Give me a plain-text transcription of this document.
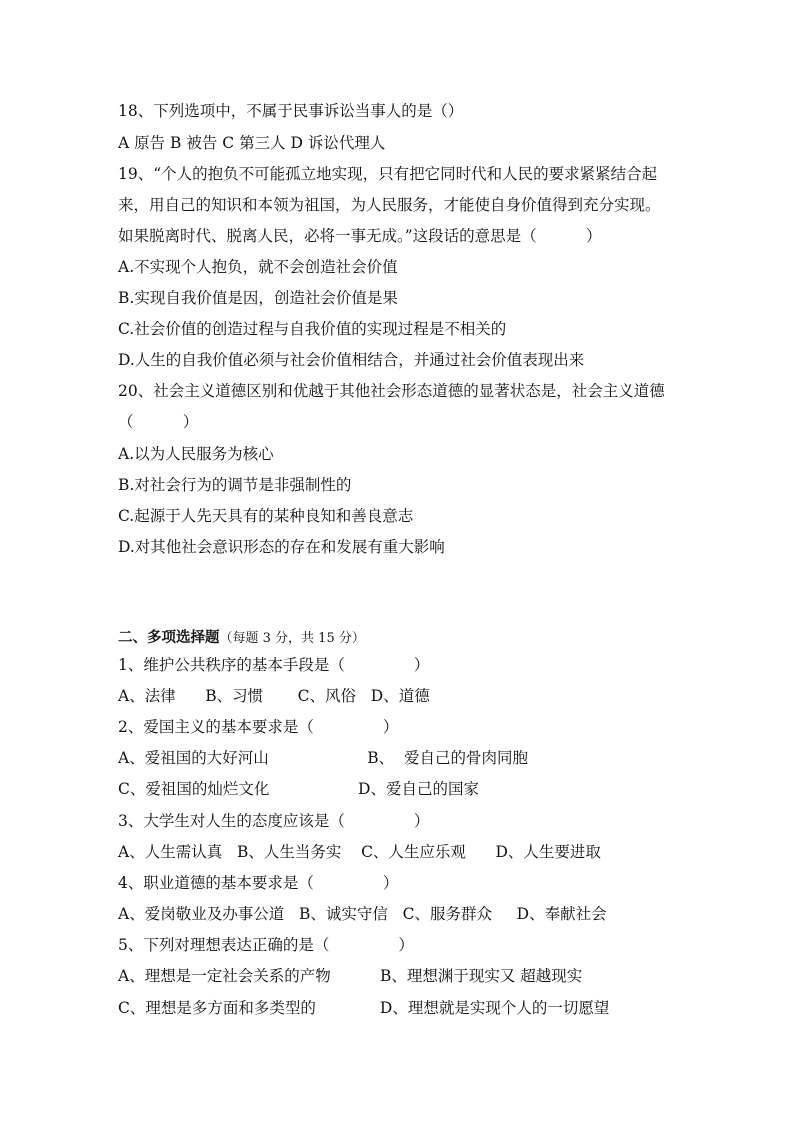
18、下列选项中，不属于民事诉讼当事人的是（）
A 原告 B 被告 C 第三人 D 诉讼代理人
19、“个人的抱负不可能孤立地实现，只有把它同时代和人民的要求紧紧结合起
来，用自己的知识和本领为祖国，为人民服务，才能使自身价值得到充分实现。
如果脱离时代、脱离人民，必将一事无成。”这段话的意思是（          ）
A.不实现个人抱负，就不会创造社会价值
B.实现自我价值是因，创造社会价值是果
C.社会价值的创造过程与自我价值的实现过程是不相关的
D.人生的自我价值必须与社会价值相结合，并通过社会价值表现出来
20、社会主义道德区别和优越于其他社会形态道德的显著状态是，社会主义道德
（          ）
A.以为人民服务为核心
B.对社会行为的调节是非强制性的
C.起源于人先天具有的某种良知和善良意志
D.对其他社会意识形态的存在和发展有重大影响
二、多项选择题（每题 3 分，共 15 分）
1、维护公共秩序的基本手段是（              ）
A、法律      B、习惯       C、风俗   D、道德
2、爱国主义的基本要求是（              ）
A、爱祖国的大好河山                    B、  爱自己的骨肉同胞
C、爱祖国的灿烂文化                  D、爱自己的国家
3、大学生对人生的态度应该是（              ）
A、人生需认真   B、人生当务实    C、人生应乐观      D、人生要进取
4、职业道德的基本要求是（              ）
A、爱岗敬业及办事公道   B、诚实守信   C、服务群众     D、奉献社会
5、下列对理想表达正确的是（              ）
A、理想是一定社会关系的产物          B、理想渊于现实又 超越现实
C、理想是多方面和多类型的             D、理想就是实现个人的一切愿望
